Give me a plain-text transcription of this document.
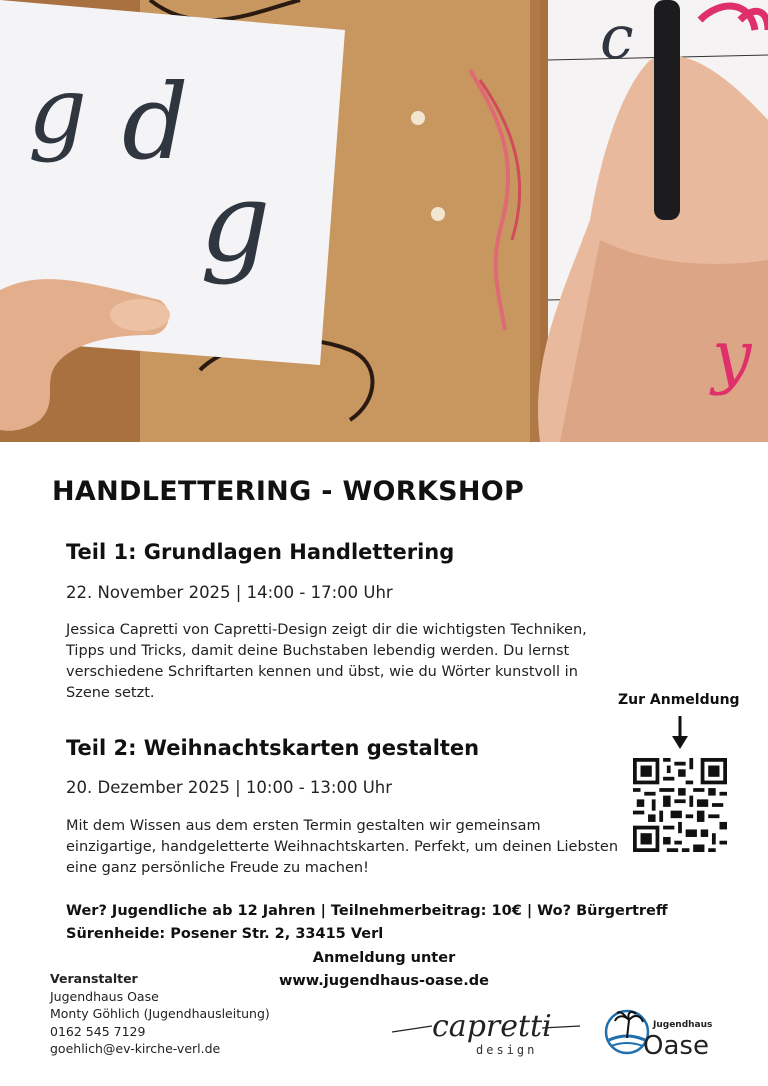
g d
g
c
y
HANDLETTERING - WORKSHOP
Teil 1: Grundlagen Handlettering
22. November 2025 | 14:00 - 17:00 Uhr
Jessica Capretti von Capretti-Design zeigt dir die wichtigsten Techniken, Tipps und Tricks, damit deine Buchstaben lebendig werden. Du lernst verschiedene Schriftarten kennen und übst, wie du Wörter kunstvoll in Szene setzt.
Teil 2: Weihnachtskarten gestalten
20. Dezember 2025 | 10:00 - 13:00 Uhr
Mit dem Wissen aus dem ersten Termin gestalten wir gemeinsam einzigartige, handgeletterte Weihnachtskarten. Perfekt, um deinen Liebsten eine ganz persönliche Freude zu machen!
Zur Anmeldung
Wer? Jugendliche ab 12 Jahren | Teilnehmerbeitrag: 10€ | Wo? Bürgertreff Sürenheide: Posener Str. 2, 33415 Verl
Anmeldung unter
www.jugendhaus-oase.de
Veranstalter
Jugendhaus Oase
Monty Göhlich (Jugendhausleitung)
0162 545 7129
goehlich@ev-kirche-verl.de
capretti
design
Jugendhaus
Oase
